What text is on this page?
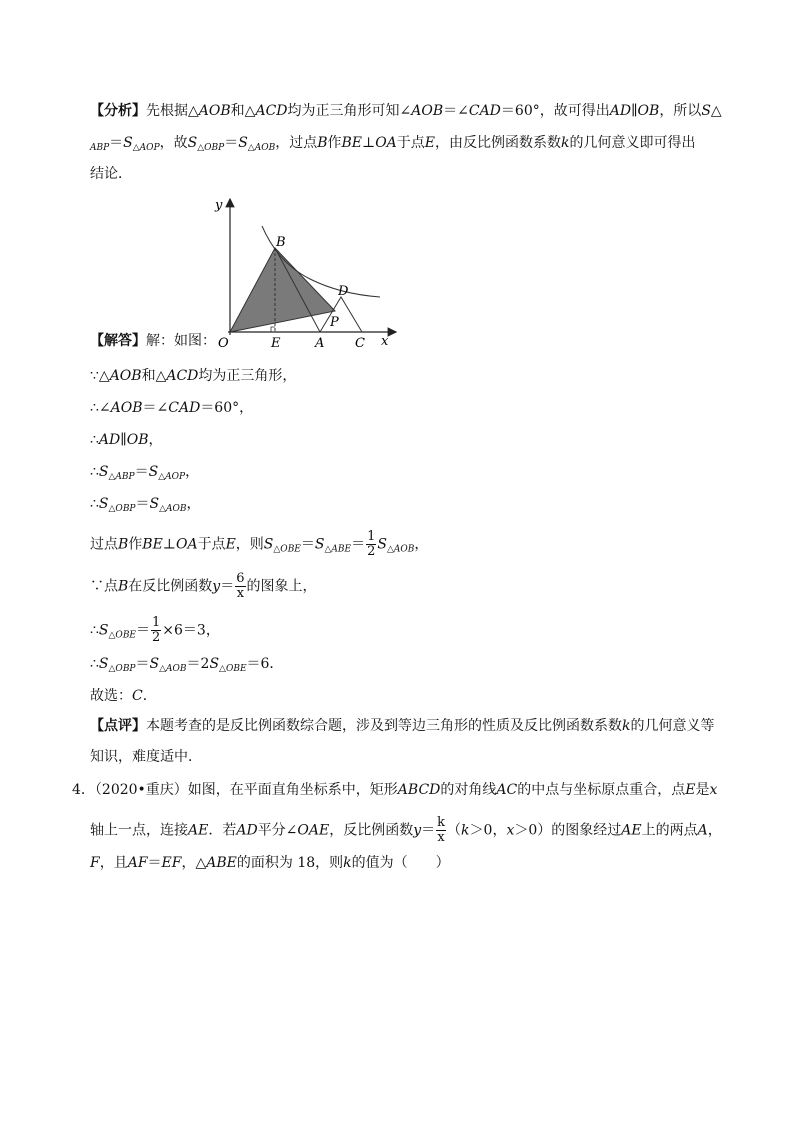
【分析】先根据△AOB和△ACD均为正三角形可知∠AOB＝∠CAD＝60°，故可得出AD∥OB，所以S△
$_{ABP}=S_{\triangle AOP}$，故$S_{\triangle OBP}=S_{\triangle AOB}$，过点B作BE⊥OA于点E，由反比例函数系数k的几何意义即可得出
结论．
y
x
O	E	A C
B
D
P
【解答】解：如图：
∵△AOB和△ACD均为正三角形，
∴∠AOB＝∠CAD＝60°，
∴AD∥OB，
$\therefore S_{\triangle ABP}=S_{\triangle AOP}$，
$\therefore S_{\triangle OBP}=S_{\triangle AOB}$，
过点B作BE⊥OA于点E，则$S_{\triangle OBE}=S_{\triangle ABE}= \frac{1}{2} S_{\triangle AOB}$，
∵点B在反比例函数$y= \frac{6}{x}$ 的图象上，
$\therefore S_{\triangle OBE}= \frac{1}{2} \times 6=3$，
$\therefore S_{\triangle OBP}=S_{\triangle AOB}=2S_{\triangle OBE}=6$．
故选：C．
【点评】本题考查的是反比例函数综合题，涉及到等边三角形的性质及反比例函数系数k的几何意义等
知识，难度适中．
4．（2020•重庆）如图，在平面直角坐标系中，矩形ABCD的对角线AC的中点与坐标原点重合，点E是x
轴上一点，连接AE．若AD平分∠OAE，反比例函数$y= \frac{k}{x} (k>0$，x＞0）的图象经过AE上的两点A，
F，且AF＝EF，△ABE的面积为 18，则k的值为（　　）
